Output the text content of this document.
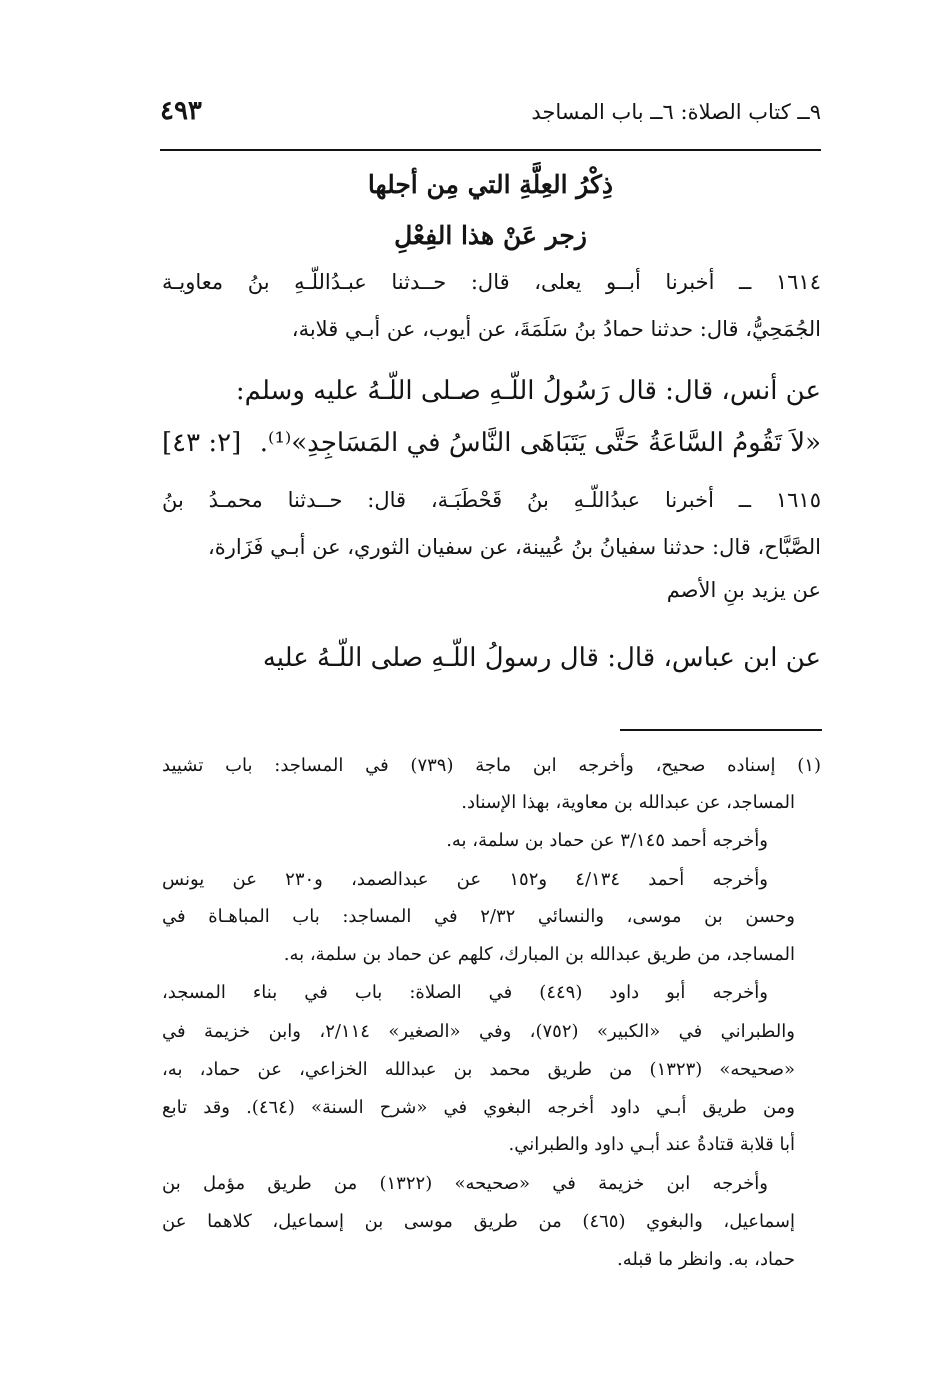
٩ــ كتاب الصلاة: ٦ــ باب المساجد
٤٩٣
ذِكْرُ العِلَّةِ التي مِن أجلها
زجر عَنْ هذا الفِعْلِ
١٦١٤ ــ أخبرنا أبــو يعلى، قال: حــدثنا عبـدُاللّـهِ بنُ معاويـة
الجُمَحِيُّ، قال: حدثنا حمادُ بنُ سَلَمَةَ، عن أيوب، عن أبـي قلابة،
عن أنس، قال: قال رَسُولُ اللّـهِ صـلى اللّـهُ عليه وسلم:
«لاَ تَقُومُ السَّاعَةُ حَتَّى يَتَبَاهَى النَّاسُ في المَسَاجِدِ»⁽¹⁾.
[٢: ٤٣]
١٦١٥ ــ أخبرنا عبدُاللّـهِ بنُ قَحْطَبَـة، قال: حــدثنا محمـدُ بنُ
الصَّبَّاح، قال: حدثنا سفيانُ بنُ عُيينة، عن سفيان الثوري، عن أبـي فَزَارة،
عن يزيد بنِ الأصم
عن ابن عباس، قال: قال رسولُ اللّـهِ صلى اللّـهُ عليه
(١) إسناده صحيح، وأخرجه ابن ماجة (٧٣٩) في المساجد: باب تشييد
المساجد، عن عبدالله بن معاوية، بهذا الإسناد.
وأخرجه أحمد ٣/١٤٥ عن حماد بن سلمة، به.
وأخرجه أحمد ٤/١٣٤ و١٥٢ عن عبدالصمد، و٢٣٠ عن يونس
وحسن بن موسى، والنسائي ٢/٣٢ في المساجد: باب المباهـاة في
المساجد، من طريق عبدالله بن المبارك، كلهم عن حماد بن سلمة، به.
وأخرجه أبو داود (٤٤٩) في الصلاة: باب في بناء المسجد،
والطبراني في «الكبير» (٧٥٢)، وفي «الصغير» ٢/١١٤، وابن خزيمة في
«صحيحه» (١٣٢٣) من طريق محمد بن عبدالله الخزاعي، عن حماد، به،
ومن طريق أبـي داود أخرجه البغوي في «شرح السنة» (٤٦٤). وقد تابع
أبا قلابة قتادةُ عند أبـي داود والطبراني.
وأخرجه ابن خزيمة في «صحيحه» (١٣٢٢) من طريق مؤمل بن
إسماعيل، والبغوي (٤٦٥) من طريق موسى بن إسماعيل، كلاهما عن
حماد، به. وانظر ما قبله.
